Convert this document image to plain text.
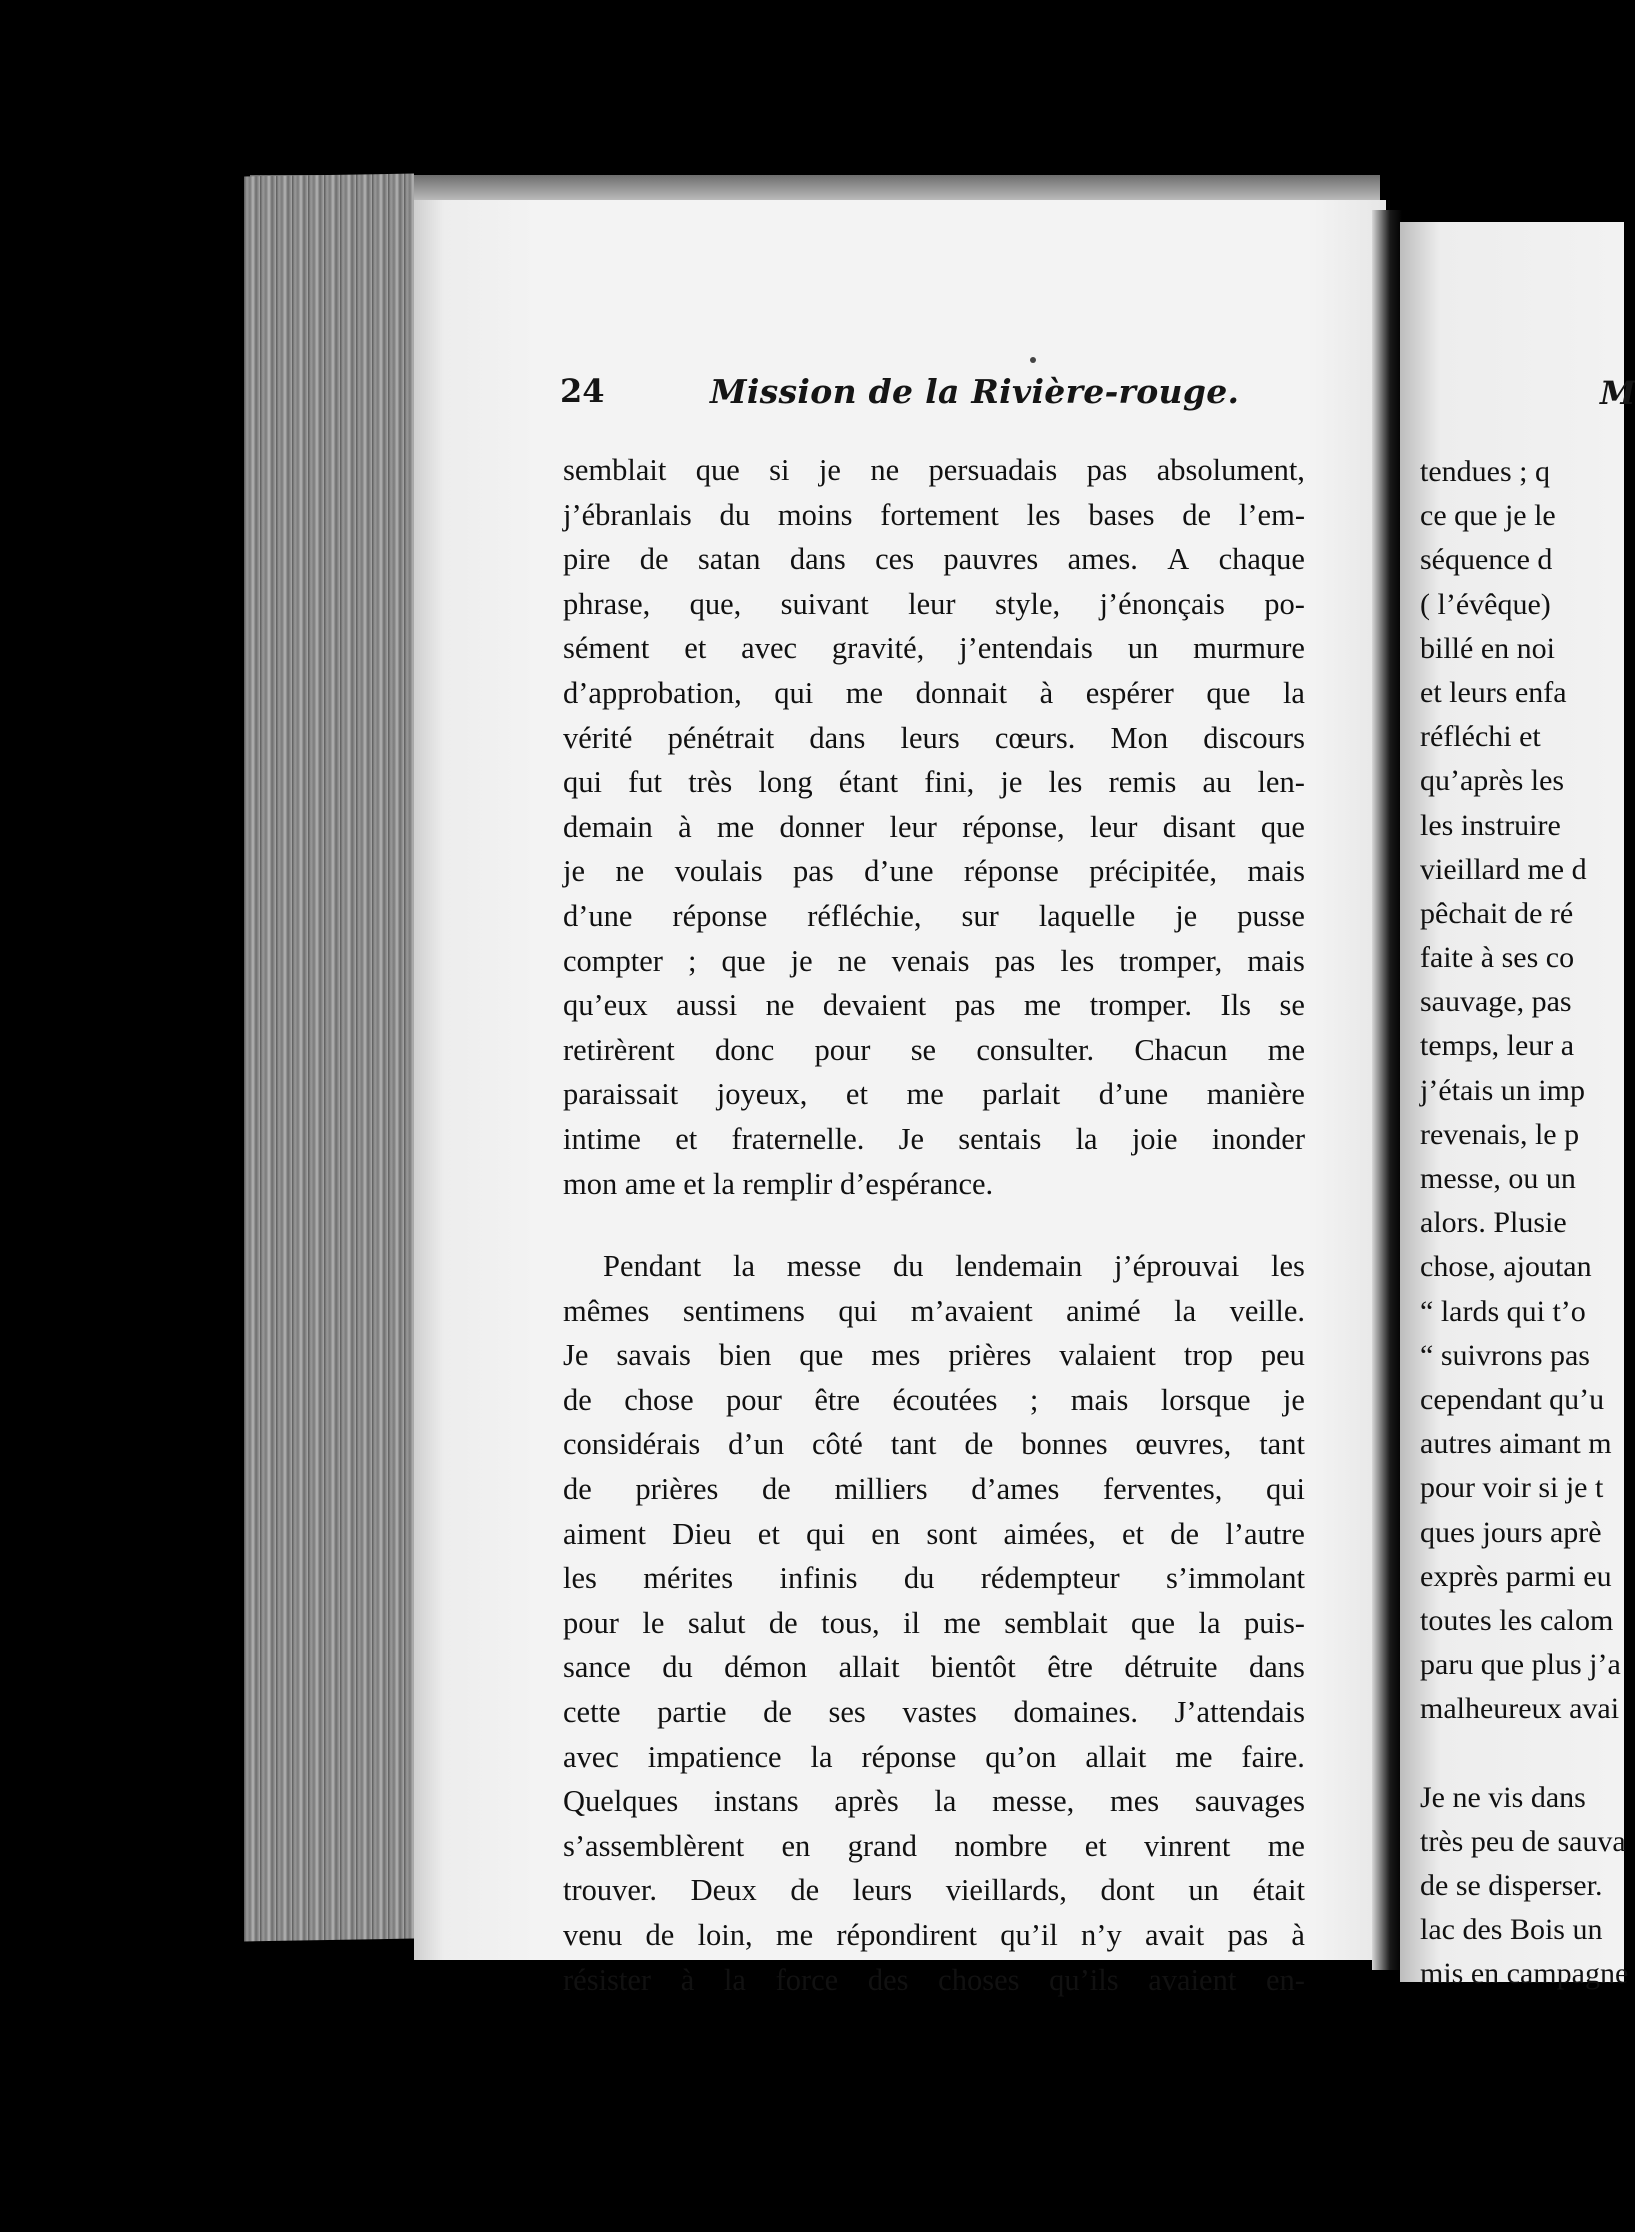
24	Mission de la Rivière-rouge.
semblait que si je ne persuadais pas absolument,
j’ébranlais du moins fortement les bases de l’em-
pire de satan dans ces pauvres ames. A chaque
phrase, que, suivant leur style, j’énonçais po-
sément et avec gravité, j’entendais un murmure
d’approbation, qui me donnait à espérer que la
vérité pénétrait dans leurs cœurs. Mon discours
qui fut très long étant fini, je les remis au len-
demain à me donner leur réponse, leur disant que
je ne voulais pas d’une réponse précipitée, mais
d’une réponse réfléchie, sur laquelle je pusse
compter ; que je ne venais pas les tromper, mais
qu’eux aussi ne devaient pas me tromper. Ils se
retirèrent donc pour se consulter. Chacun me
paraissait joyeux, et me parlait d’une manière
intime et fraternelle. Je sentais la joie inonder
mon ame et la remplir d’espérance.
Pendant la messe du lendemain j’éprouvai les
mêmes sentimens qui m’avaient animé la veille.
Je savais bien que mes prières valaient trop peu
de chose pour être écoutées ; mais lorsque je
considérais d’un côté tant de bonnes œuvres, tant
de prières de milliers d’ames ferventes, qui
aiment Dieu et qui en sont aimées, et de l’autre
les mérites infinis du rédempteur s’immolant
pour le salut de tous, il me semblait que la puis-
sance du démon allait bientôt être détruite dans
cette partie de ses vastes domaines. J’attendais
avec impatience la réponse qu’on allait me faire.
Quelques instans après la messe, mes sauvages
s’assemblèrent en grand nombre et vinrent me
trouver. Deux de leurs vieillards, dont un était
venu de loin, me répondirent qu’il n’y avait pas à
résister à la force des choses qu’ils avaient en-
M
tendues ; q
ce que je le
séquence d
( l’évêque)
billé en noi
et leurs enfa
réfléchi et
qu’après les
les instruire
vieillard me d
pêchait de ré
faite à ses co
sauvage, pas
temps, leur a
j’étais un imp
revenais, le p
messe, ou un
alors. Plusie
chose, ajoutan
“ lards qui t’o
“ suivrons pas
cependant qu’u
autres aimant m
pour voir si je t
ques jours aprè
exprès parmi eu
toutes les calom
paru que plus j’a
malheureux avai
Je ne vis dans
très peu de sauva
de se disperser.
lac des Bois un
mis en campagne
